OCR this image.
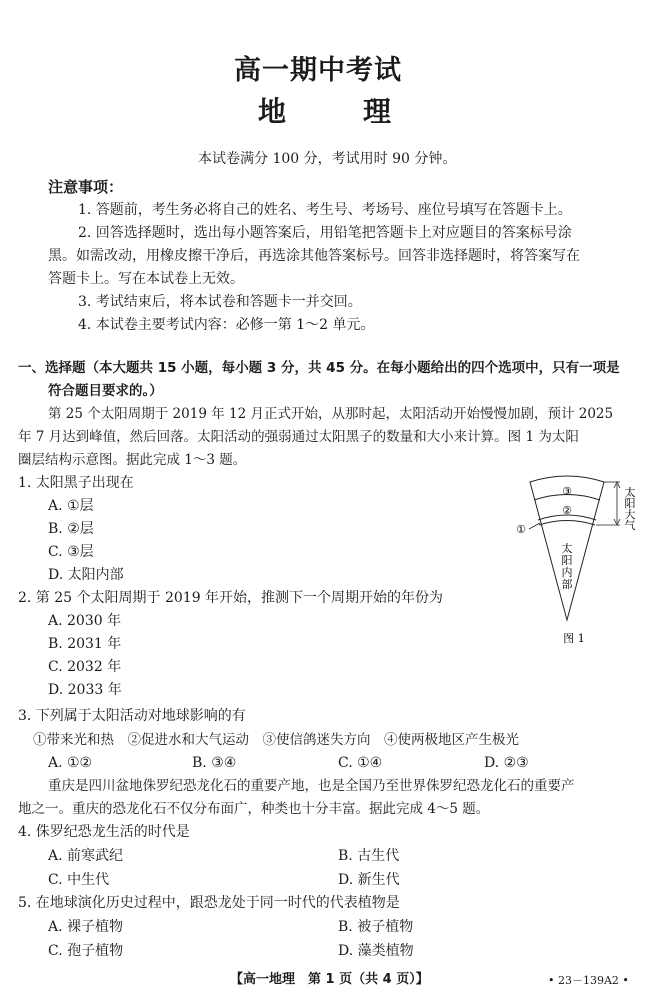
高一期中考试
地	理
本试卷满分 100 分，考试用时 90 分钟。
注意事项：
1. 答题前，考生务必将自己的姓名、考生号、考场号、座位号填写在答题卡上。
2. 回答选择题时，选出每小题答案后，用铅笔把答题卡上对应题目的答案标号涂
黑。如需改动，用橡皮擦干净后，再选涂其他答案标号。回答非选择题时，将答案写在
答题卡上。写在本试卷上无效。
3. 考试结束后，将本试卷和答题卡一并交回。
4. 本试卷主要考试内容：必修一第 1～2 单元。
一、选择题（本大题共 15 小题，每小题 3 分，共 45 分。在每小题给出的四个选项中，只有一项是
符合题目要求的。）
第 25 个太阳周期于 2019 年 12 月正式开始，从那时起，太阳活动开始慢慢加剧，预计 2025
年 7 月达到峰值，然后回落。太阳活动的强弱通过太阳黑子的数量和大小来计算。图 1 为太阳
圈层结构示意图。据此完成 1～3 题。
1. 太阳黑子出现在
A. ①层
B. ②层
C. ③层
D. 太阳内部
2. 第 25 个太阳周期于 2019 年开始，推测下一个周期开始的年份为
A. 2030 年
B. 2031 年
C. 2032 年
D. 2033 年
3. 下列属于太阳活动对地球影响的有
①带来光和热　②促进水和大气运动　③使信鸽迷失方向　④使两极地区产生极光
A. ①②	B. ③④	C. ①④	D. ②③
重庆是四川盆地侏罗纪恐龙化石的重要产地，也是全国乃至世界侏罗纪恐龙化石的重要产
地之一。重庆的恐龙化石不仅分布面广，种类也十分丰富。据此完成 4～5 题。
4. 侏罗纪恐龙生活的时代是
A. 前寒武纪	B. 古生代
C. 中生代	D. 新生代
5. 在地球演化历史过程中，跟恐龙处于同一时代的代表植物是
A. 裸子植物	B. 被子植物
C. 孢子植物	D. 藻类植物
③
②
①
太
阳
大
气
太
阳
内
部
图 1
【高一地理　第 1 页（共 4 页）】	• 23－139A2 •
